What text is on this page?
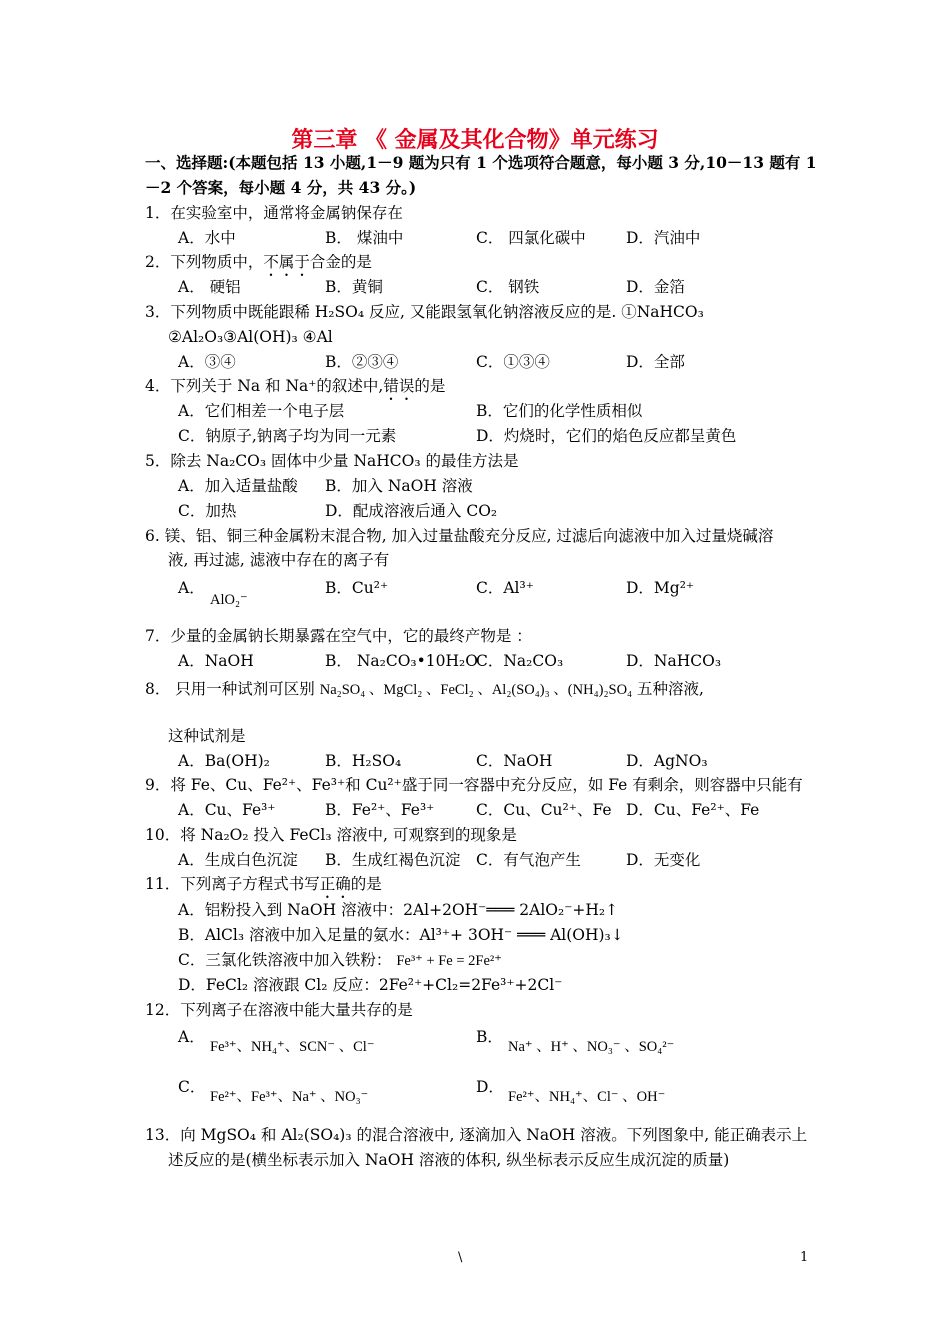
第三章 《 金属及其化合物》单元练习
一、选择题:(本题包括 13 小题,1－9 题为只有 1 个选项符合题意，每小题 3 分,10－13 题有 1
－2 个答案，每小题 4 分，共 43 分。)
1．在实验室中，通常将金属钠保存在
A．水中	B． 煤油中	C． 四氯化碳中	D．汽油中
2．下列物质中，不属于合金的是
A． 硬铝	B．黄铜	C． 钢铁	D．金箔
3．下列物质中既能跟稀 H₂SO₄ 反应, 又能跟氢氧化钠溶液反应的是. ①NaHCO₃
②Al₂O₃③Al(OH)₃ ④Al
A．③④	B．②③④	C．①③④	D．全部
4．下列关于 Na 和 Na⁺的叙述中,错误的是
A．它们相差一个电子层	B．它们的化学性质相似
C．钠原子,钠离子均为同一元素	D．灼烧时，它们的焰色反应都呈黄色
5．除去 Na₂CO₃ 固体中少量 NaHCO₃ 的最佳方法是
A．加入适量盐酸 B．加入 NaOH 溶液
C．加热	D．配成溶液后通入 CO₂
6. 镁、铝、铜三种金属粉末混合物, 加入过量盐酸充分反应, 过滤后向滤液中加入过量烧碱溶
液, 再过滤, 滤液中存在的离子有
A．
AlO₂⁻
B．Cu²⁺	C．Al³⁺	D．Mg²⁺
7．少量的金属钠长期暴露在空气中，它的最终产物是 ：
A．NaOH	B． Na₂CO₃•10H₂O
C．Na₂CO₃	D．NaHCO₃
8． 只用一种试剂可区别 Na₂SO₄ 、MgCl₂ 、FeCl₂ 、Al₂(SO₄)₃ 、(NH₄)₂SO₄ 五种溶液,
这种试剂是
A．Ba(OH)₂	B．H₂SO₄	C．NaOH	D．AgNO₃
9．将 Fe、Cu、Fe²⁺、Fe³⁺和 Cu²⁺盛于同一容器中充分反应，如 Fe 有剩余，则容器中只能有
A．Cu、Fe³⁺	B．Fe²⁺、Fe³⁺	C．Cu、Cu²⁺、Fe D．Cu、Fe²⁺、Fe
10．将 Na₂O₂ 投入 FeCl₃ 溶液中, 可观察到的现象是
A．生成白色沉淀 B．生成红褐色沉淀 C．有气泡产生	D．无变化
11．下列离子方程式书写正确的是
A．铝粉投入到 NaOH 溶液中：2Al+2OH⁻═══ 2AlO₂⁻+H₂↑
B．AlCl₃ 溶液中加入足量的氨水：Al³⁺+ 3OH⁻ ═══ Al(OH)₃↓
C．三氯化铁溶液中加入铁粉： Fe³⁺ + Fe = 2Fe²⁺
D．FeCl₂ 溶液跟 Cl₂ 反应：2Fe²⁺+Cl₂=2Fe³⁺+2Cl⁻
12．下列离子在溶液中能大量共存的是
A．
Fe³⁺、NH₄⁺、SCN⁻ 、Cl⁻
B．
Na⁺ 、H⁺ 、NO₃⁻ 、SO₄²⁻
C．
Fe²⁺、Fe³⁺、Na⁺ 、NO₃⁻
D．
Fe²⁺、NH₄⁺、Cl⁻ 、OH⁻
13．向 MgSO₄ 和 Al₂(SO₄)₃ 的混合溶液中, 逐滴加入 NaOH 溶液。下列图象中, 能正确表示上
述反应的是(横坐标表示加入 NaOH 溶液的体积, 纵坐标表示反应生成沉淀的质量)
\	1
